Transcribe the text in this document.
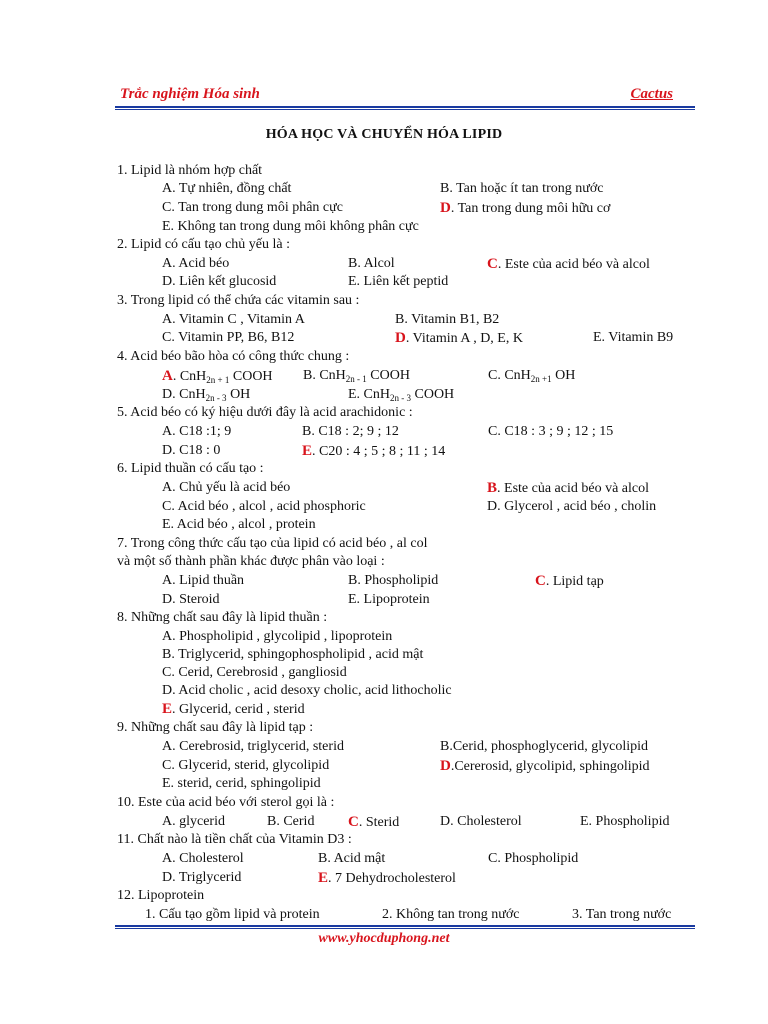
Trắc nghiệm Hóa sinh	Cactus
HÓA HỌC VÀ CHUYỂN HÓA LIPID
1. Lipid là nhóm hợp chất
A. Tự nhiên, đồng chất	B. Tan hoặc ít tan trong nước
C. Tan trong dung môi phân cực	D. Tan trong dung môi hữu cơ
E. Không tan trong dung môi không phân cực
2. Lipid có cấu tạo chủ yếu là :
A. Acid béo	B. Alcol	C. Este của acid béo và alcol
D. Liên kết glucosid	E. Liên kết peptid
3. Trong lipid có thể chứa các vitamin sau :
A. Vitamin C , Vitamin A	B. Vitamin B1, B2
C. Vitamin PP, B6, B12	D. Vitamin A , D, E, K	E. Vitamin B9
4. Acid béo bão hòa có công thức chung :
A. CnH$_{2n + 1}$ COOH B. CnH$_{2n - 1}$ COOH	C. CnH$_{2n +1}$ OH
D. CnH$_{2n - 3}$ OH	E. CnH$_{2n - 3}$ COOH
5. Acid béo có ký hiệu dưới đây là acid arachidonic :
A. C18 :1; 9	B. C18 : 2; 9 ; 12	C. C18 : 3 ; 9 ; 12 ; 15
D. C18 : 0	E. C20 : 4 ; 5 ; 8 ; 11 ; 14
6. Lipid thuần có cấu tạo :
A. Chủ yếu là acid béo	B. Este của acid béo và alcol
C. Acid béo , alcol , acid phosphoric	D. Glycerol , acid béo , cholin
E. Acid béo , alcol , protein
7. Trong công thức cấu tạo của lipid có acid béo , al col
và một số thành phần khác được phân vào loại :
A. Lipid thuần	B. Phospholipid	C. Lipid tạp
D. Steroid	E. Lipoprotein
8. Những chất sau đây là lipid thuần :
A. Phospholipid , glycolipid , lipoprotein
B. Triglycerid, sphingophospholipid , acid mật
C. Cerid, Cerebrosid , gangliosid
D. Acid cholic , acid desoxy cholic, acid lithocholic
E. Glycerid, cerid , sterid
9. Những chất sau đây là lipid tạp :
A. Cerebrosid, triglycerid, sterid	B.Cerid, phosphoglycerid, glycolipid
C. Glycerid, sterid, glycolipid	D.Cererosid, glycolipid, sphingolipid
E. sterid, cerid, sphingolipid
10. Este của acid béo với sterol gọi là :
A. glycerid	B. Cerid C. Sterid	D. Cholesterol	E. Phospholipid
11. Chất nào là tiền chất của Vitamin D3 :
A. Cholesterol	B. Acid mật	C. Phospholipid
D. Triglycerid	E. 7 Dehydrocholesterol
12. Lipoprotein
1. Cấu tạo gồm lipid và protein	2. Không tan trong nước	3. Tan trong nước
www.yhocduphong.net
